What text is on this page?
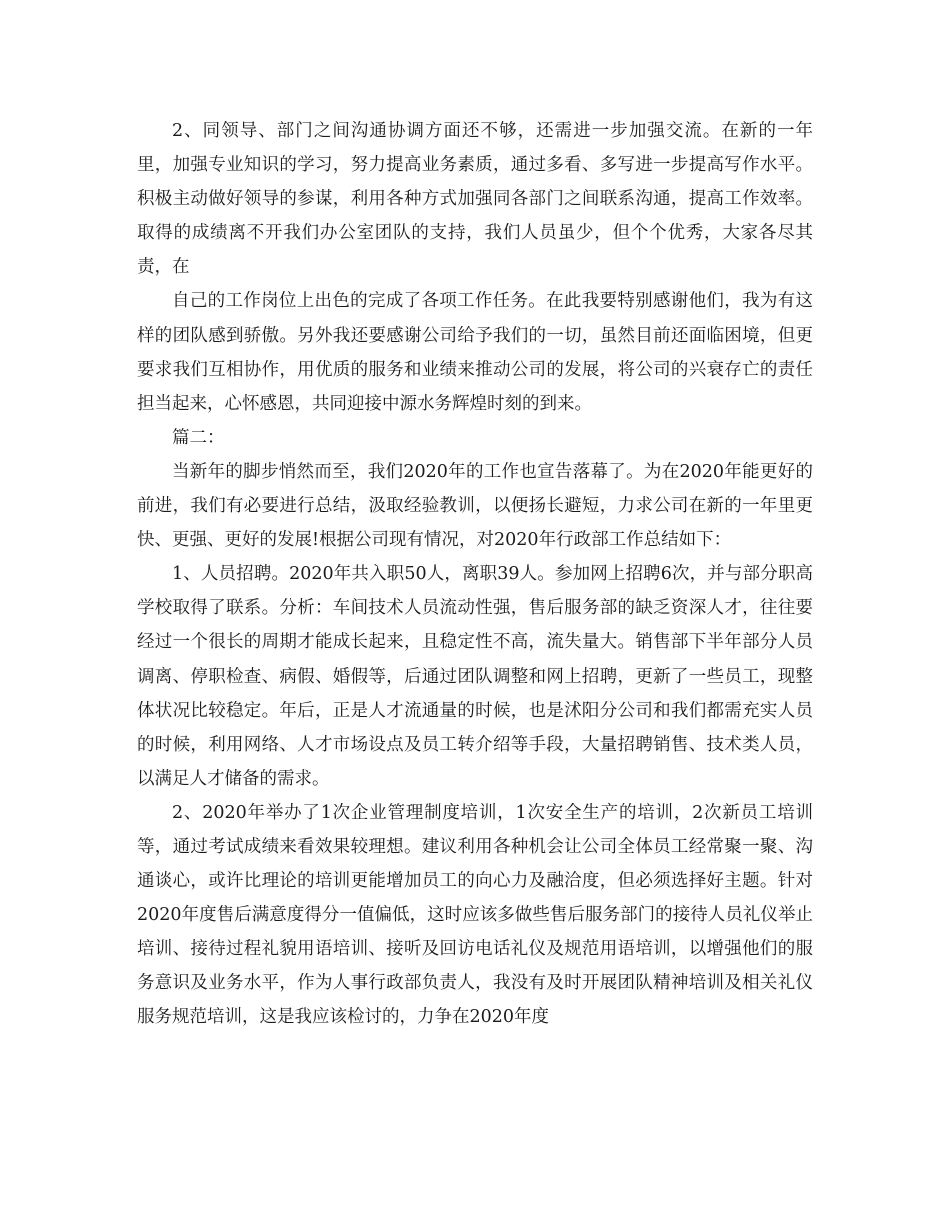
2、同领导、部门之间沟通协调方面还不够，还需进一步加强交流。在新的一年里，加强专业知识的学习，努力提高业务素质，通过多看、多写进一步提高写作水平。积极主动做好领导的参谋，利用各种方式加强同各部门之间联系沟通，提高工作效率。取得的成绩离不开我们办公室团队的支持，我们人员虽少，但个个优秀，大家各尽其责，在

自己的工作岗位上出色的完成了各项工作任务。在此我要特别感谢他们，我为有这样的团队感到骄傲。另外我还要感谢公司给予我们的一切，虽然目前还面临困境，但更要求我们互相协作，用优质的服务和业绩来推动公司的发展，将公司的兴衰存亡的责任担当起来，心怀感恩，共同迎接中源水务辉煌时刻的到来。

篇二：

当新年的脚步悄然而至，我们2020年的工作也宣告落幕了。为在2020年能更好的前进，我们有必要进行总结，汲取经验教训，以便扬长避短，力求公司在新的一年里更快、更强、更好的发展!根据公司现有情况，对2020年行政部工作总结如下：

1、人员招聘。2020年共入职50人，离职39人。参加网上招聘6次，并与部分职高学校取得了联系。分析：车间技术人员流动性强，售后服务部的缺乏资深人才，往往要经过一个很长的周期才能成长起来，且稳定性不高，流失量大。销售部下半年部分人员调离、停职检查、病假、婚假等，后通过团队调整和网上招聘，更新了一些员工，现整体状况比较稳定。年后，正是人才流通量的时候，也是沭阳分公司和我们都需充实人员的时候，利用网络、人才市场设点及员工转介绍等手段，大量招聘销售、技术类人员，以满足人才储备的需求。

2、2020年举办了1次企业管理制度培训，1次安全生产的培训，2次新员工培训等，通过考试成绩来看效果较理想。建议利用各种机会让公司全体员工经常聚一聚、沟通谈心，或许比理论的培训更能增加员工的向心力及融洽度，但必须选择好主题。针对2020年度售后满意度得分一值偏低，这时应该多做些售后服务部门的接待人员礼仪举止培训、接待过程礼貌用语培训、接听及回访电话礼仪及规范用语培训，以增强他们的服务意识及业务水平，作为人事行政部负责人，我没有及时开展团队精神培训及相关礼仪服务规范培训，这是我应该检讨的，力争在2020年度
